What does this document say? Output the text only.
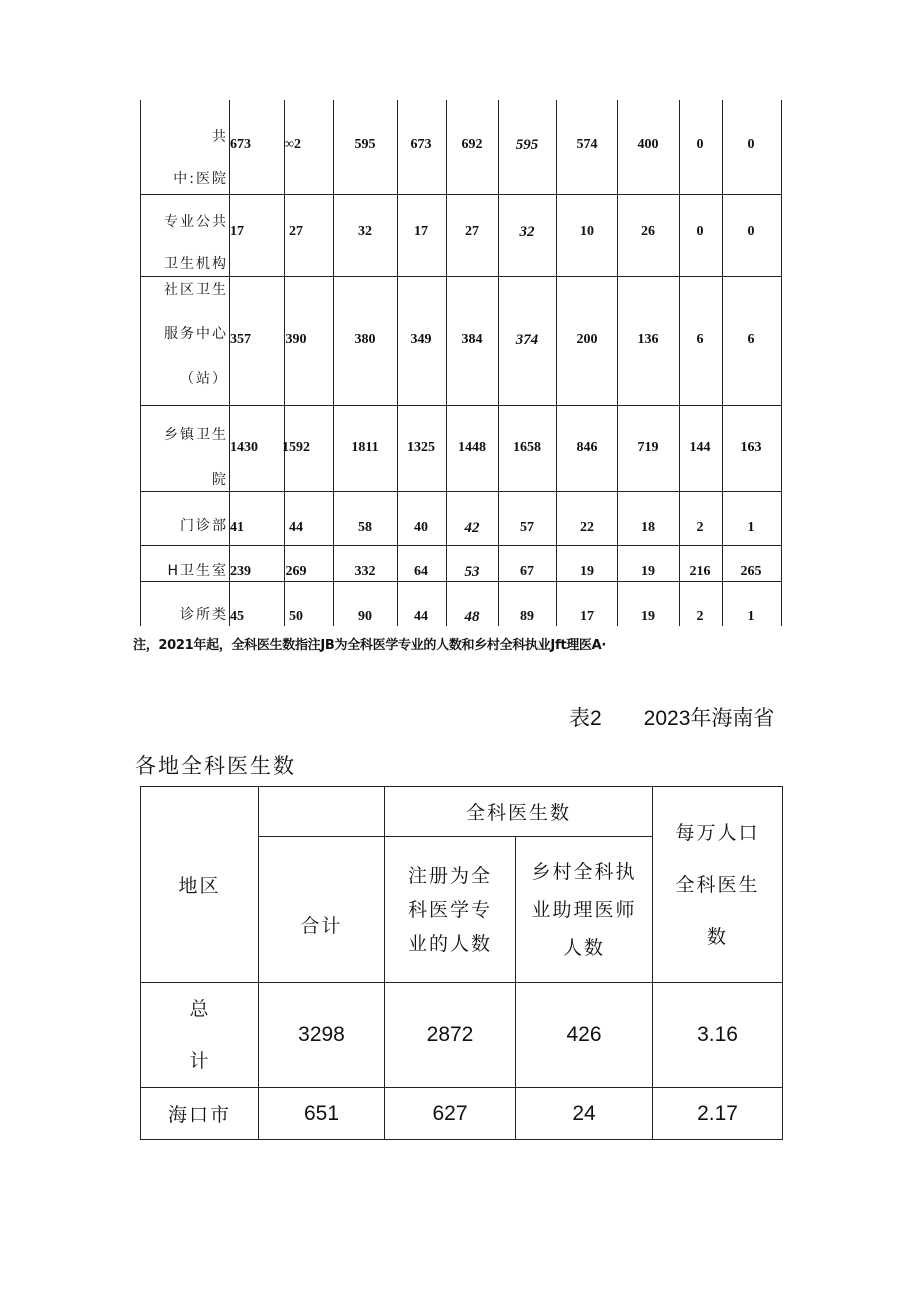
共
中:医院
673 ∞2	595	673	692	595	574	400	0	0
专业公共
卫生机构
17	27	32	17	27	32	10	26	0	0
社区卫生
服务中心
（站）
357	390	380	349	384	374	200	136	6	6
乡镇卫生
院
1430	1592	1811	1325	1448	1658	846	719	144	163
门诊部 41	44	58	40	42	57	22	18	2	1
H卫生室 239	269	332	64	53	67	19	19	216	265
诊所类 45	50	90	44	48	89	17	19	2	1
注，2021年起，全科医生数指注JB为全科医学专业的人数和乡村全科执业Jft理医A·
表2　　2023年海南省
各地全科医生数
地区		全科医生数		每万人口全科医生数

	合计	注册为全科医学专业的人数	乡村全科执业助理医师人数	

总计	3298	2872	426	3.16
海口市	651	627	24	2.17
